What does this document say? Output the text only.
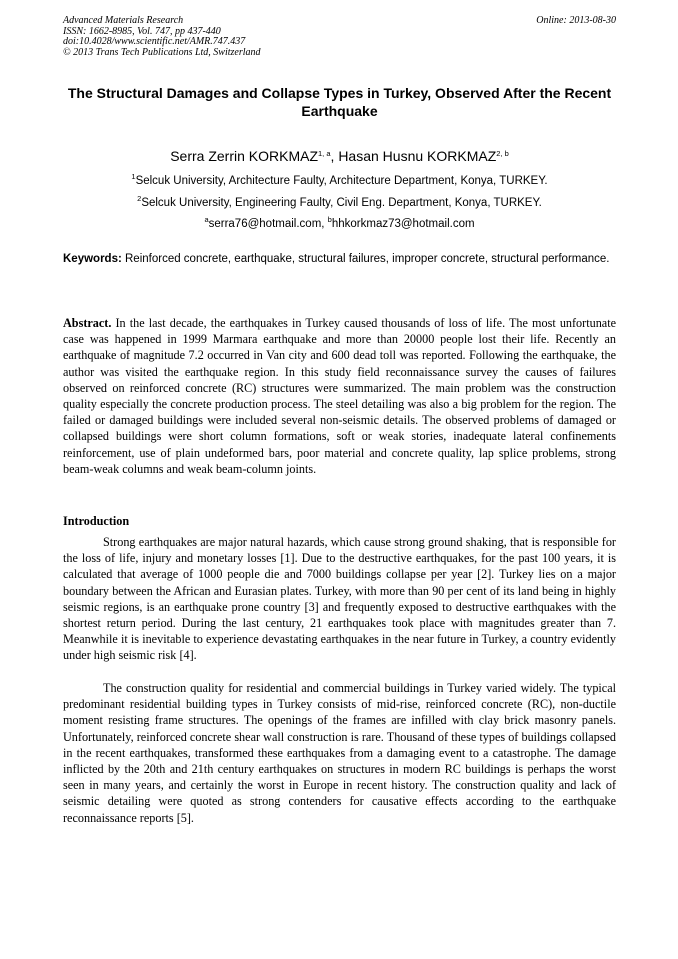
Advanced Materials Research
ISSN: 1662-8985, Vol. 747, pp 437-440
doi:10.4028/www.scientific.net/AMR.747.437
© 2013 Trans Tech Publications Ltd, Switzerland
Online: 2013-08-30
The Structural Damages and Collapse Types in Turkey, Observed After the Recent Earthquake
Serra Zerrin KORKMAZ$^{1, a}$, Hasan Husnu KORKMAZ$^{2, b}$
$^1$Selcuk University, Architecture Faulty, Architecture Department, Konya, TURKEY.
$^2$Selcuk University, Engineering Faulty, Civil Eng. Department, Konya, TURKEY.
$^a$serra76@hotmail.com, $^b$hhkorkmaz73@hotmail.com
Keywords: Reinforced concrete, earthquake, structural failures, improper concrete, structural performance.
Abstract. In the last decade, the earthquakes in Turkey caused thousands of loss of life. The most unfortunate case was happened in 1999 Marmara earthquake and more than 20000 people lost their life. Recently an earthquake of magnitude 7.2 occurred in Van city and 600 dead toll was reported. Following the earthquake, the author was visited the earthquake region. In this study field reconnaissance survey the causes of failures observed on reinforced concrete (RC) structures were summarized. The main problem was the construction quality especially the concrete production process. The steel detailing was also a big problem for the region. The failed or damaged buildings were included several non-seismic details. The observed problems of damaged or collapsed buildings were short column formations, soft or weak stories, inadequate lateral confinements reinforcement, use of plain undeformed bars, poor material and concrete quality, lap splice problems, strong beam-weak columns and weak beam-column joints.
Introduction

Strong earthquakes are major natural hazards, which cause strong ground shaking, that is responsible for the loss of life, injury and monetary losses [1]. Due to the destructive earthquakes, for the past 100 years, it is calculated that average of 1000 people die and 7000 buildings collapse per year [2]. Turkey lies on a major boundary between the African and Eurasian plates. Turkey, with more than 90 per cent of its land being in highly seismic regions, is an earthquake prone country [3] and frequently exposed to destructive earthquakes with the shortest return period. During the last century, 21 earthquakes took place with magnitudes greater than 7. Meanwhile it is inevitable to experience devastating earthquakes in the near future in Turkey, a country evidently under high seismic risk [4].

The construction quality for residential and commercial buildings in Turkey varied widely. The typical predominant residential building types in Turkey consists of mid-rise, reinforced concrete (RC), non-ductile moment resisting frame structures. The openings of the frames are infilled with clay brick masonry panels. Unfortunately, reinforced concrete shear wall construction is rare. Thousand of these types of buildings collapsed in the recent earthquakes, transformed these earthquakes from a damaging event to a catastrophe. The damage inflicted by the 20th and 21th century earthquakes on structures in modern RC buildings is perhaps the worst seen in many years, and certainly the worst in Europe in recent history. The construction quality and lack of seismic detailing were quoted as strong contenders for causative effects according to the earthquake reconnaissance reports [5].
